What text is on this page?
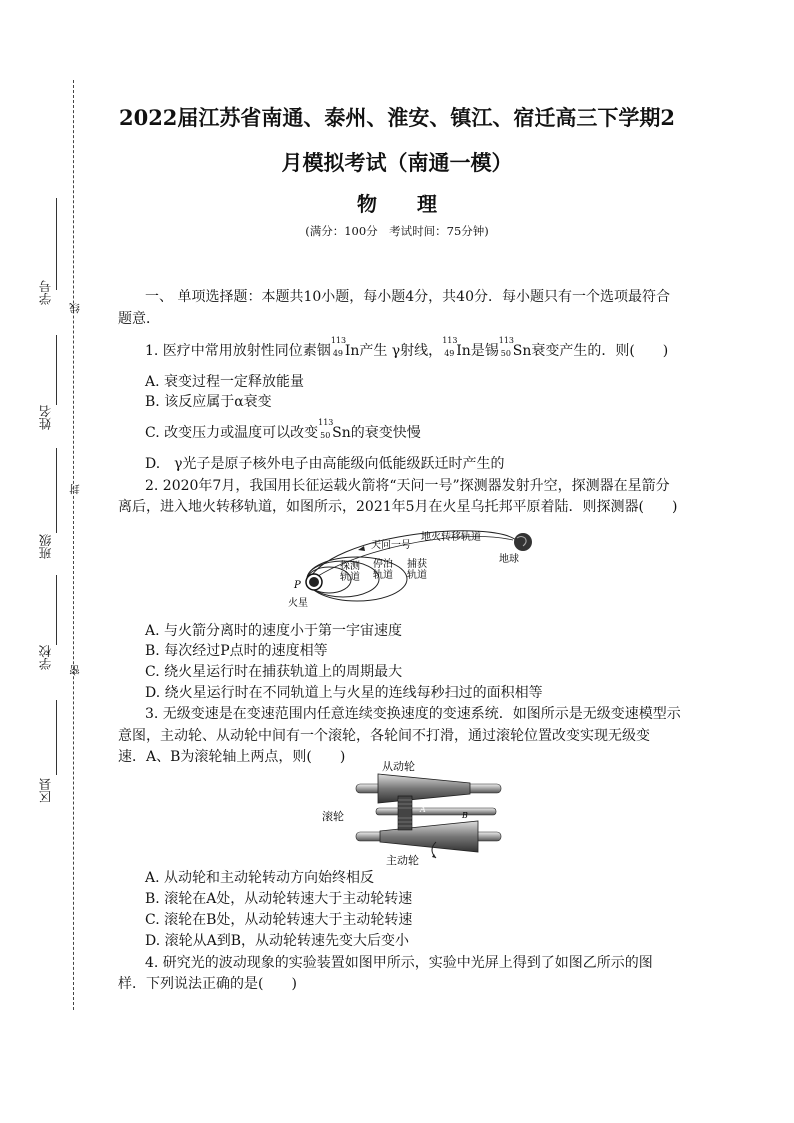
学号
姓名
班级
学校
区县
线
封
密
2022届江苏省南通、泰州、淮安、镇江、宿迁高三下学期2
月模拟考试（南通一模）
物　　理
(满分：100分　考试时间：75分钟)
一、 单项选择题：本题共10小题，每小题4分，共40分．每小题只有一个选项最符合
题意．
1. 医疗中常用放射性同位素铟
113
49 In产生 γ射线，
113
49 In是锡
113
50 Sn衰变产生的．则(　　)
A. 衰变过程一定释放能量
B. 该反应属于α衰变
C. 改变压力或温度可以改变
113
50 Sn的衰变快慢
D.　γ光子是原子核外电子由高能级向低能级跃迁时产生的
2. 2020年7月，我国用长征运载火箭将“天问一号”探测器发射升空，探测器在星箭分
离后，进入地火转移轨道，如图所示，2021年5月在火星乌托邦平原着陆．则探测器(　　)
天问一号
地火转移轨道
地球
探测
轨道
停泊
轨道
捕获
轨道
P
火星
A. 与火箭分离时的速度小于第一宇宙速度
B. 每次经过P点时的速度相等
C. 绕火星运行时在捕获轨道上的周期最大
D. 绕火星运行时在不同轨道上与火星的连线每秒扫过的面积相等
3. 无级变速是在变速范围内任意连续变换速度的变速系统．如图所示是无级变速模型示
意图，主动轮、从动轮中间有一个滚轮，各轮间不打滑，通过滚轮位置改变实现无级变
速．A、B为滚轮轴上两点，则(　　)
从动轮
滚轮
主动轮
A
B
A. 从动轮和主动轮转动方向始终相反
B. 滚轮在A处，从动轮转速大于主动轮转速
C. 滚轮在B处，从动轮转速大于主动轮转速
D. 滚轮从A到B，从动轮转速先变大后变小
4. 研究光的波动现象的实验装置如图甲所示，实验中光屏上得到了如图乙所示的图
样．下列说法正确的是(　　)
